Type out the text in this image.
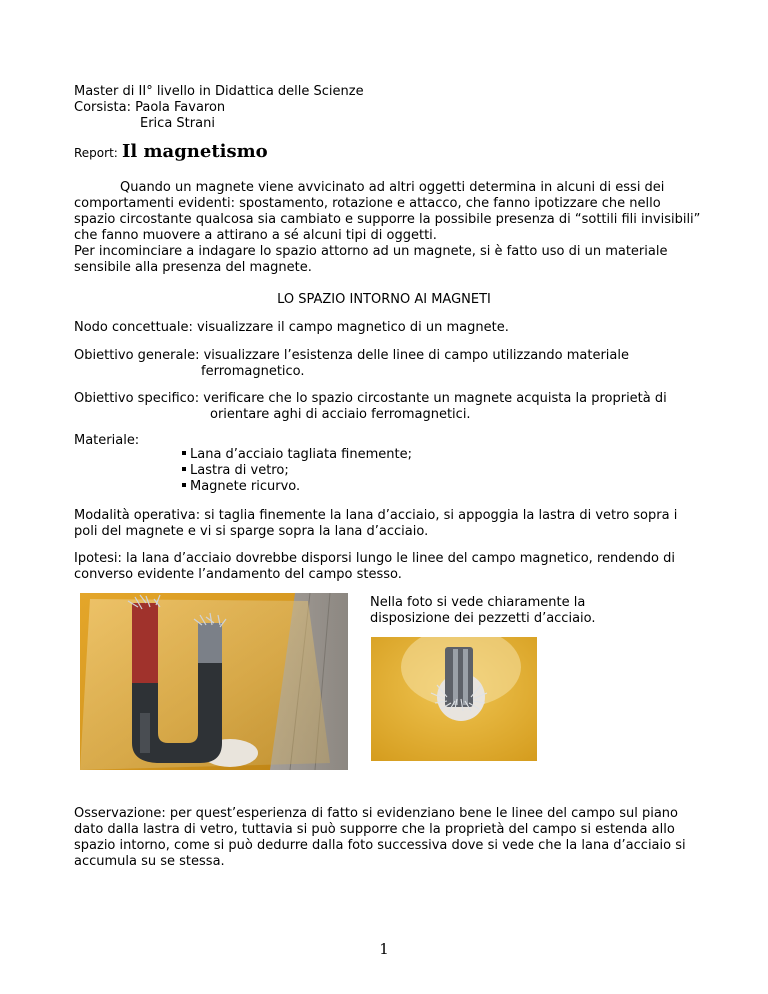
Master di II° livello in Didattica delle Scienze
Corsista: Paola Favaron
Erica Strani
Report: Il magnetismo
Quando un magnete viene avvicinato ad altri oggetti determina in alcuni di essi dei
comportamenti evidenti: spostamento, rotazione e attacco, che fanno ipotizzare che nello
spazio circostante qualcosa sia cambiato e supporre la possibile presenza di “sottili fili invisibili”
che fanno muovere a attirano a sé alcuni tipi di oggetti.
Per incominciare a indagare lo spazio attorno ad un magnete, si è fatto uso di un materiale
sensibile alla presenza del magnete.
LO SPAZIO INTORNO AI MAGNETI
Nodo concettuale: visualizzare il campo magnetico di un magnete.
Obiettivo generale: visualizzare l’esistenza delle linee di campo utilizzando materiale
ferromagnetico.
Obiettivo specifico: verificare che lo spazio circostante un magnete acquista la proprietà di
orientare aghi di acciaio ferromagnetici.
Materiale:
Lana d’acciaio tagliata finemente;
Lastra di vetro;
Magnete ricurvo.
Modalità operativa: si taglia finemente la lana d’acciaio, si appoggia la lastra di vetro sopra i
poli del magnete e vi si sparge sopra la lana d’acciaio.
Ipotesi: la lana d’acciaio dovrebbe disporsi lungo le linee del campo magnetico, rendendo di
converso evidente l’andamento del campo stesso.
Nella foto si vede chiaramente la
disposizione dei pezzetti d’acciaio.
Osservazione: per quest’esperienza di fatto si evidenziano bene le linee del campo sul piano
dato dalla lastra di vetro, tuttavia si può supporre che la proprietà del campo si estenda allo
spazio intorno, come si può dedurre dalla foto successiva dove si vede che la lana d’acciaio si
accumula su se stessa.
1
